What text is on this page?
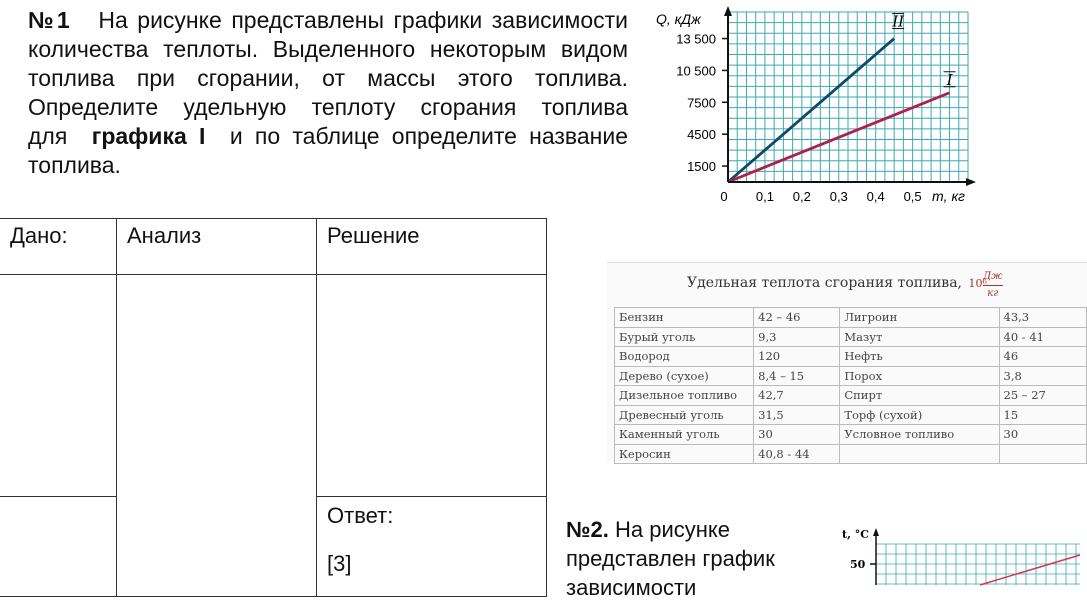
№1 На рисунке представлены графики зависимости количества теплоты. Выделенного некоторым видом топлива при сгорании, от массы этого топлива. Определите удельную теплоту сгорания топлива для графика I и по таблице определите название топлива.

Q, кДж
m, кг
13 500
10 500
7500
4500
1500
0 0,1 0,2 0,3 0,4 0,5
II
I
Дано:	Анализ	Решение

		Ответ:
[3]
Удельная теплота сгорания топлива, 10⁶
Дж
кг
Бензин	42 – 46	Лигроин	43,3
Бурый уголь	9,3	Мазут	40 - 41
Водород	120	Нефть	46
Дерево (сухое)	8,4 – 15	Порох	3,8
Дизельное топливо	42,7	Спирт	25 – 27
Древесный уголь	31,5	Торф (сухой)	15
Каменный уголь	30	Условное топливо	30
Керосин	40,8 - 44		
№2. На рисунке представлен график зависимости
t, °C
50
